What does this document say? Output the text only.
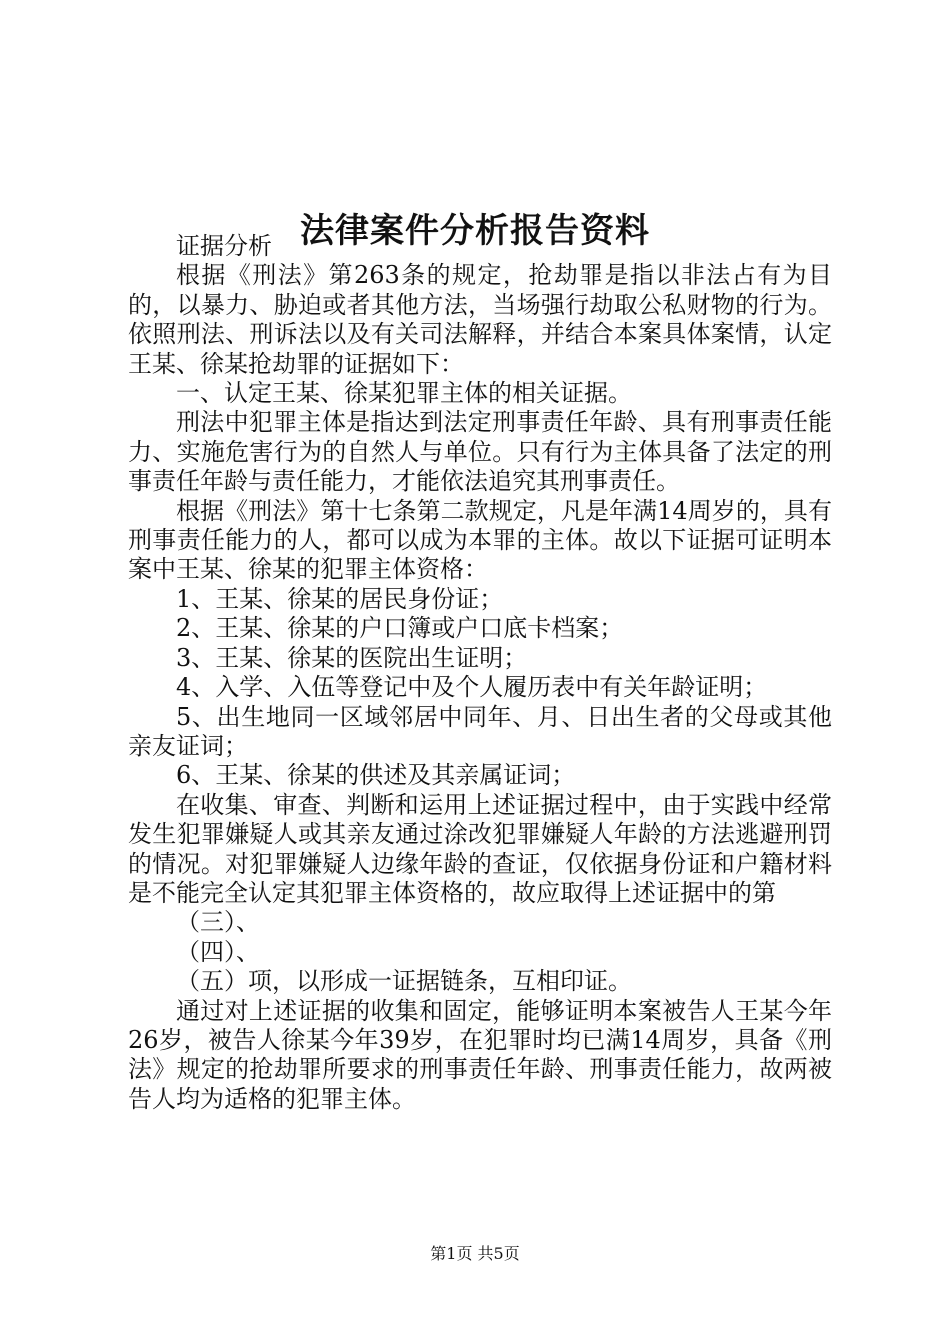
法律案件分析报告资料

证据分析

根据《刑法》第263条的规定，抢劫罪是指以非法占有为目的，以暴力、胁迫或者其他方法，当场强行劫取公私财物的行为。依照刑法、刑诉法以及有关司法解释，并结合本案具体案情，认定王某、徐某抢劫罪的证据如下：

一、认定王某、徐某犯罪主体的相关证据。

刑法中犯罪主体是指达到法定刑事责任年龄、具有刑事责任能力、实施危害行为的自然人与单位。只有行为主体具备了法定的刑事责任年龄与责任能力，才能依法追究其刑事责任。

根据《刑法》第十七条第二款规定，凡是年满14周岁的，具有刑事责任能力的人，都可以成为本罪的主体。故以下证据可证明本案中王某、徐某的犯罪主体资格：

1、王某、徐某的居民身份证；

2、王某、徐某的户口簿或户口底卡档案；

3、王某、徐某的医院出生证明；

4、入学、入伍等登记中及个人履历表中有关年龄证明；

5、出生地同一区域邻居中同年、月、日出生者的父母或其他亲友证词；

6、王某、徐某的供述及其亲属证词；

在收集、审查、判断和运用上述证据过程中，由于实践中经常发生犯罪嫌疑人或其亲友通过涂改犯罪嫌疑人年龄的方法逃避刑罚的情况。对犯罪嫌疑人边缘年龄的查证，仅依据身份证和户籍材料是不能完全认定其犯罪主体资格的，故应取得上述证据中的第

（三）、

（四）、

（五）项，以形成一证据链条，互相印证。

通过对上述证据的收集和固定，能够证明本案被告人王某今年26岁，被告人徐某今年39岁，在犯罪时均已满14周岁，具备《刑法》规定的抢劫罪所要求的刑事责任年龄、刑事责任能力，故两被告人均为适格的犯罪主体。

第1页 共5页
